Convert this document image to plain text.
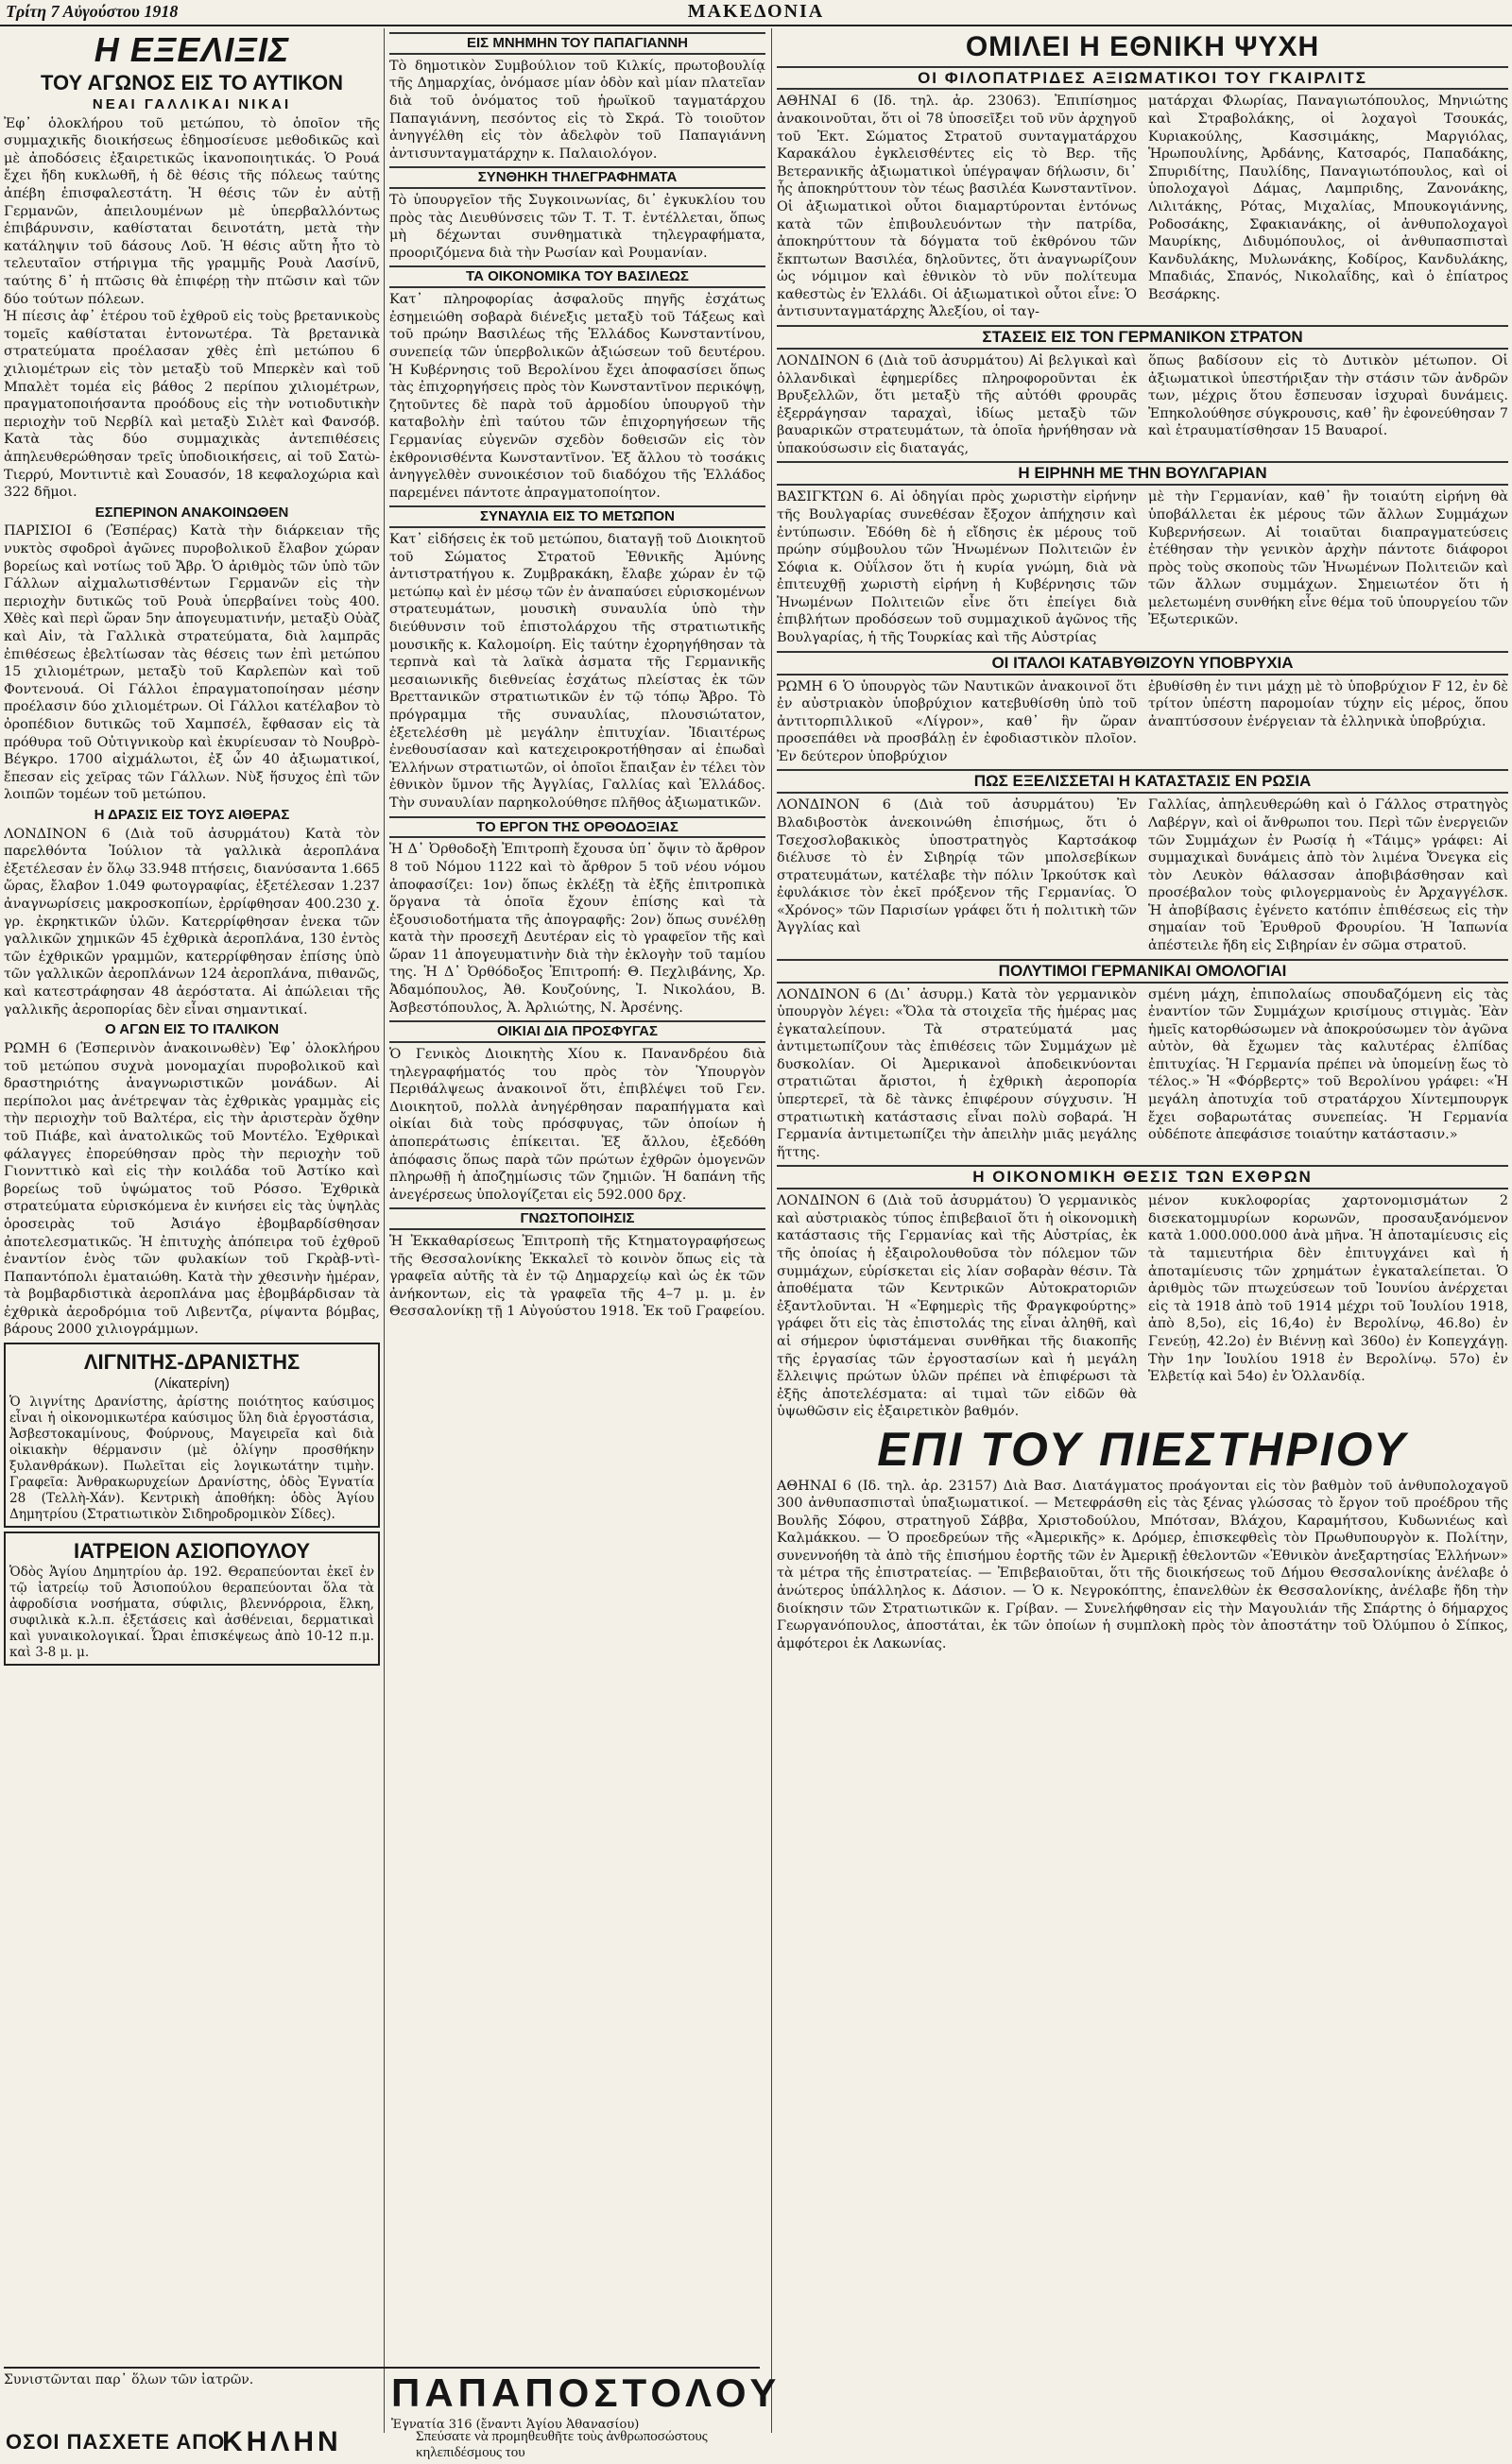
Τρίτη 7 Αὐγούστου 1918	ΜΑΚΕΔΟΝΙΑ
Η ΕΞΕΛΙΞΙΣ
ΤΟΥ ΑΓΩΝΟΣ ΕΙΣ ΤΟ ΑΥΤΙΚΟΝ
ΝΕΑΙ ΓΑΛΛΙΚΑΙ ΝΙΚΑΙ

Ἐφ᾽ ὁλοκλήρου τοῦ μετώπου, τὸ ὁποῖον τῆς συμμαχικῆς διοικήσεως ἐδημοσίευσε μεθοδικῶς καὶ μὲ ἀποδόσεις ἐξαιρετικῶς ἱκανοποιητικάς. Ὁ Ρουά ἔχει ἤδη κυκλωθῆ, ἡ δὲ θέσις τῆς πόλεως ταύτης ἀπέβη ἐπισφαλεστάτη. Ἡ θέσις τῶν ἐν αὐτῇ Γερμανῶν, ἀπειλουμένων μὲ ὑπερβαλλόντως ἐπιβάρυνσιν, καθίσταται δεινοτάτη, μετὰ τὴν κατάληψιν τοῦ δάσους Λοῦ. Ἡ θέσις αὕτη ἦτο τὸ τελευταῖον στήριγμα τῆς γραμμῆς Ρουὰ Λασίνῦ, ταύτης δ᾽ ἡ πτῶσις θὰ ἐπιφέρῃ τὴν πτῶσιν καὶ τῶν δύο τούτων πόλεων.

Ἡ πίεσις ἀφ᾽ ἑτέρου τοῦ ἐχθροῦ εἰς τοὺς βρετανικοὺς τομεῖς καθίσταται ἐντονωτέρα. Τὰ βρετανικὰ στρατεύματα προέλασαν χθὲς ἐπὶ μετώπου 6 χιλιομέτρων εἰς τὸν μεταξὺ τοῦ Μπερκὲν καὶ τοῦ Μπαλὲτ τομέα εἰς βάθος 2 περίπου χιλιομέτρων, πραγματοποιήσαντα προόδους εἰς τὴν νοτιοδυτικὴν περιοχὴν τοῦ Νερβίλ καὶ μεταξὺ Σιλὲτ καὶ Φανσόβ. Κατὰ τὰς δύο συμμαχικὰς ἀντεπιθέσεις ἀπηλευθερώθησαν τρεῖς ὑποδιοικήσεις, αἱ τοῦ Σατὼ-Τιερρύ, Μοντιντιὲ καὶ Σουασόν, 18 κεφαλοχώρια καὶ 322 δῆμοι.

ΕΣΠΕΡΙΝΟΝ ΑΝΑΚΟΙΝΩΘΕΝ

ΠΑΡΙΣΙΟΙ 6 (Ἑσπέρας) Κατὰ τὴν διάρκειαν τῆς νυκτὸς σφοδροὶ ἀγῶνες πυροβολικοῦ ἔλαβον χώραν βορείως καὶ νοτίως τοῦ Ἄβρ. Ὁ ἀριθμὸς τῶν ὑπὸ τῶν Γάλλων αἰχμαλωτισθέντων Γερμανῶν εἰς τὴν περιοχὴν δυτικῶς τοῦ Ρουὰ ὑπερβαίνει τοὺς 400. Χθὲς καὶ περὶ ὥραν 5ην ἀπογευματινήν, μεταξὺ Οὐὰζ καὶ Αἰν, τὰ Γαλλικὰ στρατεύματα, διὰ λαμπρᾶς ἐπιθέσεως ἐβελτίωσαν τὰς θέσεις των ἐπὶ μετώπου 15 χιλιομέτρων, μεταξὺ τοῦ Καρλεπὼν καὶ τοῦ Φοντενουά. Οἱ Γάλλοι ἐπραγματοποίησαν μέσην προέλασιν δύο χιλιομέτρων. Οἱ Γάλλοι κατέλαβον τὸ ὀροπέδιον δυτικῶς τοῦ Χαμπσέλ, ἔφθασαν εἰς τὰ πρόθυρα τοῦ Οὐτιγνικοὺρ καὶ ἐκυρίευσαν τὸ Νουβρὸ-Βέγκρο. 1700 αἰχμάλωτοι, ἐξ ὧν 40 ἀξιωματικοί, ἔπεσαν εἰς χεῖρας τῶν Γάλλων. Νὺξ ἥσυχος ἐπὶ τῶν λοιπῶν τομέων τοῦ μετώπου.

Η ΔΡΑΣΙΣ ΕΙΣ ΤΟΥΣ ΑΙΘΕΡΑΣ

ΛΟΝΔΙΝΟΝ 6 (Διὰ τοῦ ἀσυρμάτου) Κατὰ τὸν παρελθόντα Ἰούλιον τὰ γαλλικὰ ἀεροπλάνα ἐξετέλεσαν ἐν ὅλῳ 33.948 πτήσεις, διανύσαντα 1.665 ὥρας, ἔλαβον 1.049 φωτογραφίας, ἐξετέλεσαν 1.237 ἀναγνωρίσεις μακροσκοπίων, ἐρρίφθησαν 400.230 χ. γρ. ἐκρηκτικῶν ὑλῶν. Κατερρίφθησαν ἐνεκα τῶν γαλλικῶν χημικῶν 45 ἐχθρικὰ ἀεροπλάνα, 130 ἐντὸς τῶν ἐχθρικῶν γραμμῶν, κατερρίφθησαν ἐπίσης ὑπὸ τῶν γαλλικῶν ἀεροπλάνων 124 ἀεροπλάνα, πιθανῶς, καὶ κατεστράφησαν 48 ἀερόστατα. Αἱ ἀπώλειαι τῆς γαλλικῆς ἀεροπορίας δὲν εἶναι σημαντικαί.

Ο ΑΓΩΝ ΕΙΣ ΤΟ ΙΤΑΛΙΚΟΝ

ΡΩΜΗ 6 (Ἑσπερινὸν ἀνακοινωθὲν) Ἐφ᾽ ὁλοκλήρου τοῦ μετώπου συχνὰ μονομαχίαι πυροβολικοῦ καὶ δραστηριότης ἀναγνωριστικῶν μονάδων. Αἱ περίπολοι μας ἀνέτρεψαν τὰς ἐχθρικὰς γραμμὰς εἰς τὴν περιοχὴν τοῦ Βαλτέρα, εἰς τὴν ἀριστερὰν ὄχθην τοῦ Πιάβε, καὶ ἀνατολικῶς τοῦ Μοντέλο. Ἐχθρικαὶ φάλαγγες ἐπορεύθησαν πρὸς τὴν περιοχὴν τοῦ Γιοννττικὸ καὶ εἰς τὴν κοιλάδα τοῦ Ἀστίκο καὶ βορείως τοῦ ὑψώματος τοῦ Ρόσσο. Ἐχθρικὰ στρατεύματα εὑρισκόμενα ἐν κινήσει εἰς τὰς ὑψηλὰς ὁροσειρὰς τοῦ Ἀσιάγο ἐβομβαρδίσθησαν ἀποτελεσματικῶς. Ἡ ἐπιτυχὴς ἀπόπειρα τοῦ ἐχθροῦ ἐναντίον ἑνὸς τῶν φυλακίων τοῦ Γκρὰβ-ντὶ-Παπαντόπολι ἐματαιώθη. Κατὰ τὴν χθεσινὴν ἡμέραν, τὰ βομβαρδιστικὰ ἀεροπλάνα μας ἐβομβάρδισαν τὰ ἐχθρικὰ ἀεροδρόμια τοῦ Λιβεντζα, ρίψαντα βόμβας, βάρους 2000 χιλιογράμμων.

ΛΙΓΝΙΤΗΣ-ΔΡΑΝΙΣΤΗΣ
(Λίκατερίνη)

Ὁ λιγνίτης Δρανίστης, ἀρίστης ποιότητος καύσιμος εἶναι ἡ οἰκονομικωτέρα καύσιμος ὕλη διὰ ἐργοστάσια, Ἀσβεστοκαμίνους, Φούρνους, Μαγειρεῖα καὶ διὰ οἰκιακὴν θέρμανσιν (μὲ ὀλίγην προσθήκην ξυλανθράκων). Πωλεῖται εἰς λογικωτάτην τιμὴν. Γραφεῖα: Ἀνθρακωρυχείων Δρανίστης, ὁδὸς Ἐγνατία 28 (Τελλὴ-Χάν). Κεντρικὴ ἀποθήκη: ὁδὸς Ἁγίου Δημητρίου (Στρατιωτικὸν Σιδηροδρομικὸν Σίδες).

ΙΑΤΡΕΙΟΝ ΑΣΙΟΠΟΥΛΟΥ

Ὁδὸς Ἁγίου Δημητρίου ἀρ. 192. Θεραπεύονται ἐκεῖ ἐν τῷ ἰατρείῳ τοῦ Ἀσιοπούλου θεραπεύονται ὅλα τὰ ἀφροδίσια νοσήματα, σύφιλις, βλεννόρροια, ἕλκη, συφιλικὰ κ.λ.π. ἐξετάσεις καὶ ἀσθένειαι, δερματικαὶ καὶ γυναικολογικαί. Ὧραι ἐπισκέψεως ἀπὸ 10-12 π.μ. καὶ 3-8 μ. μ.

ΕΙΣ ΜΝΗΜΗΝ ΤΟΥ ΠΑΠΑΓΙΑΝΝΗ

Τὸ δημοτικὸν Συμβούλιον τοῦ Κιλκίς, πρωτοβουλίᾳ τῆς Δημαρχίας, ὀνόμασε μίαν ὁδὸν καὶ μίαν πλατεῖαν διὰ τοῦ ὀνόματος τοῦ ἡρωϊκοῦ ταγματάρχου Παπαγιάννη, πεσόντος εἰς τὸ Σκρά. Τὸ τοιοῦτον ἀνηγγέλθη εἰς τὸν ἀδελφὸν τοῦ Παπαγιάννη ἀντισυνταγματάρχην κ. Παλαιολόγον.

ΣΥΝΘΗΚΗ ΤΗΛΕΓΡΑΦΗΜΑΤΑ

Τὸ ὑπουργεῖον τῆς Συγκοινωνίας, δι᾽ ἐγκυκλίου του πρὸς τὰς Διευθύνσεις τῶν Τ. Τ. Τ. ἐντέλλεται, ὅπως μὴ δέχωνται συνθηματικὰ τηλεγραφήματα, προοριζόμενα διὰ τὴν Ρωσίαν καὶ Ρουμανίαν.

ΤΑ ΟΙΚΟΝΟΜΙΚΑ ΤΟΥ ΒΑΣΙΛΕΩΣ

Κατ᾽ πληροφορίας ἀσφαλοῦς πηγῆς ἐσχάτως ἐσημειώθη σοβαρὰ διένεξις μεταξὺ τοῦ Τάξεως καὶ τοῦ πρώην Βασιλέως τῆς Ἑλλάδος Κωνσταντίνου, συνεπείᾳ τῶν ὑπερβολικῶν ἀξιώσεων τοῦ δευτέρου. Ἡ Κυβέρνησις τοῦ Βερολίνου ἔχει ἀποφασίσει ὅπως τὰς ἐπιχορηγήσεις πρὸς τὸν Κωνσταντῖνον περικόψῃ, ζητοῦντες δὲ παρὰ τοῦ ἀρμοδίου ὑπουργοῦ τὴν καταβολὴν ἐπὶ ταύτου τῶν ἐπιχορηγήσεων τῆς Γερμανίας εὐγενῶν σχεδὸν δοθεισῶν εἰς τὸν ἐκθρονισθέντα Κωνσταντῖνον. Ἐξ ἄλλου τὸ τοσάκις ἀνηγγελθὲν συνοικέσιον τοῦ διαδόχου τῆς Ἑλλάδος παρεμένει πάντοτε ἀπραγματοποίητον.

ΣΥΝΑΥΛΙΑ ΕΙΣ ΤΟ ΜΕΤΩΠΟΝ

Κατ᾽ εἰδήσεις ἐκ τοῦ μετώπου, διαταγῇ τοῦ Διοικητοῦ τοῦ Σώματος Στρατοῦ Ἐθνικῆς Ἀμύνης ἀντιστρατήγου κ. Ζυμβρακάκη, ἔλαβε χώραν ἐν τῷ μετώπῳ καὶ ἐν μέσῳ τῶν ἐν ἀναπαύσει εὑρισκομένων στρατευμάτων, μουσικὴ συναυλία ὑπὸ τὴν διεύθυνσιν τοῦ ἐπιστολάρχου τῆς στρατιωτικῆς μουσικῆς κ. Καλομοίρη. Εἰς ταύτην ἐχορηγήθησαν τὰ τερπνὰ καὶ τὰ λαϊκὰ ἀσματα τῆς Γερμανικῆς μεσαιωνικῆς διεθνείας ἐσχάτως πλείστας ἐκ τῶν Βρεττανικῶν στρατιωτικῶν ἐν τῷ τόπῳ Ἄβρο. Τὸ πρόγραμμα τῆς συναυλίας, πλουσιώτατον, ἐξετελέσθη μὲ μεγάλην ἐπιτυχίαν. Ἰδιαιτέρως ἐνεθουσίασαν καὶ κατεχειροκροτήθησαν αἱ ἐπωδαὶ Ἑλλήνων στρατιωτῶν, οἱ ὁποῖοι ἔπαιξαν ἐν τέλει τὸν ἐθνικὸν ὕμνον τῆς Ἀγγλίας, Γαλλίας καὶ Ἑλλάδος. Τὴν συναυλίαν παρηκολούθησε πλῆθος ἀξιωματικῶν.

ΤΟ ΕΡΓΟΝ ΤΗΣ ΟΡΘΟΔΟΞΙΑΣ

Ἡ Δ᾽ Ὀρθοδοξὴ Ἐπιτροπὴ ἔχουσα ὑπ᾽ ὄψιν τὸ ἄρθρον 8 τοῦ Νόμου 1122 καὶ τὸ ἄρθρον 5 τοῦ νέου νόμου ἀποφασίζει: 1ον) ὅπως ἐκλέξῃ τὰ ἐξῆς ἐπιτροπικὰ ὅργανα τὰ ὁποῖα ἔχουν ἐπίσης καὶ τὰ ἐξουσιοδοτήματα τῆς ἀπογραφῆς: 2ον) ὅπως συνέλθῃ κατὰ τὴν προσεχῆ Δευτέραν εἰς τὸ γραφεῖον τῆς καὶ ὥραν 11 ἀπογευματινὴν διὰ τὴν ἐκλογὴν τοῦ ταμίου της. Ἡ Δ᾽ Ὀρθόδοξος Ἐπιτροπή: Θ. Πεχλιβάνης, Χρ. Ἀδαμόπουλος, Ἀθ. Κουζούνης, Ἰ. Νικολάου, Β. Ἀσβεστόπουλος, Ἀ. Ἀρλιώτης, Ν. Ἀρσένης.

ΟΙΚΙΑΙ ΔΙΑ ΠΡΟΣΦΥΓΑΣ

Ὁ Γενικὸς Διοικητὴς Χίου κ. Πανανδρέου διὰ τηλεγραφήματός του πρὸς τὸν Ὑπουργὸν Περιθάλψεως ἀνακοινοῖ ὅτι, ἐπιβλέψει τοῦ Γεν. Διοικητοῦ, πολλὰ ἀνηγέρθησαν παραπήγματα καὶ οἰκίαι διὰ τοὺς πρόσφυγας, τῶν ὁποίων ἡ ἀποπεράτωσις ἐπίκειται. Ἐξ ἄλλου, ἐξεδόθη ἀπόφασις ὅπως παρὰ τῶν πρώτων ἐχθρῶν ὁμογενῶν πληρωθῇ ἡ ἀποζημίωσις τῶν ζημιῶν. Ἡ δαπάνη τῆς ἀνεγέρσεως ὑπολογίζεται εἰς 592.000 δρχ.

ΓΝΩΣΤΟΠΟΙΗΣΙΣ

Ἡ Ἐκκαθαρίσεως Ἐπιτροπὴ τῆς Κτηματογραφήσεως τῆς Θεσσαλονίκης Ἐκκαλεῖ τὸ κοινὸν ὅπως εἰς τὰ γραφεῖα αὐτῆς τὰ ἐν τῷ Δημαρχείῳ καὶ ὡς ἐκ τῶν ἀνήκοντων, εἰς τὰ γραφεῖα τῆς 4–7 μ. μ. ἐν Θεσσαλονίκῃ τῇ 1 Αὐγούστου 1918. Ἐκ τοῦ Γραφείου.

ΟΜΙΛΕΙ Η ΕΘΝΙΚΗ ΨΥΧΗ
ΟΙ ΦΙΛΟΠΑΤΡΙΔΕΣ ΑΞΙΩΜΑΤΙΚΟΙ ΤΟΥ ΓΚΑΙΡΛΙΤΣ

ΑΘΗΝΑΙ 6 (Ιδ. τηλ. ἀρ. 23063). Ἐπιπίσημος ἀνακοινοῦται, ὅτι οἱ 78 ὑποσεῖξει τοῦ νῦν ἀρχηγοῦ τοῦ Ἐκτ. Σώματος Στρατοῦ συνταγματάρχου Καρακάλου ἐγκλεισθέντες εἰς τὸ Βερ. τῆς Βετερανικῆς ἀξιωματικοὶ ὑπέγραψαν δήλωσιν, δι᾽ ἧς ἀποκηρύττουν τὸν τέως βασιλέα Κωνσταντῖνον. Οἱ ἀξιωματικοὶ οὗτοι διαμαρτύρονται ἐντόνως κατὰ τῶν ἐπιβουλευόντων τὴν πατρίδα, ἀποκηρύττουν τὰ δόγματα τοῦ ἐκθρόνου τῶν ἔκπτωτων Βασιλέα, δηλοῦντες, ὅτι ἀναγνωρίζουν ὡς νόμιμον καὶ ἐθνικὸν τὸ νῦν πολίτευμα καθεστὼς ἐν Ἑλλάδι. Οἱ ἀξιωματικοὶ οὗτοι εἶνε: Ὁ ἀντισυνταγματάρχης Ἀλεξίου, οἱ ταγ-

ματάρχαι Φλωρίας, Παναγιωτόπουλος, Μηνιώτης καὶ Στραβολάκης, οἱ λοχαγοὶ Τσουκάς, Κυριακούλης, Κασσιμάκης, Μαργιόλας, Ἡρωπουλίνης, Ἀρδάνης, Κατσαρός, Παπαδάκης, Σπυριδίτης, Παυλίδης, Παναγιωτόπουλος, καὶ οἱ ὑπολοχαγοὶ Δάμας, Λαμπριδης, Ζανονάκης, Λιλιτάκης, Ρότας, Μιχαλίας, Μπουκογιάννης, Ροδοσάκης, Σφακιανάκης, οἱ ἀνθυπολοχαγοὶ Μαυρίκης, Διδυμόπουλος, οἱ ἀνθυπασπισταὶ Κανδυλάκης, Μυλωνάκης, Κοδίρος, Κανδυλάκης, Μπαδιάς, Σπανός, Νικολαΐδης, καὶ ὁ ἐπίατρος Βεσάρκης.

ΣΤΑΣΕΙΣ ΕΙΣ ΤΟΝ ΓΕΡΜΑΝΙΚΟΝ ΣΤΡΑΤΟΝ

ΛΟΝΔΙΝΟΝ 6 (Διὰ τοῦ ἀσυρμάτου) Αἱ βελγικαὶ καὶ ὁλλανδικαὶ ἐφημερίδες πληροφοροῦνται ἐκ Βρυξελλῶν, ὅτι μεταξὺ τῆς αὐτόθι φρουρᾶς ἐξερράγησαν ταραχαὶ, ἰδίως μεταξὺ τῶν βαυαρικῶν στρατευμάτων, τὰ ὁποῖα ἠρνήθησαν νὰ ὑπακούσωσιν εἰς διαταγάς,

ὅπως βαδίσουν εἰς τὸ Δυτικὸν μέτωπον. Οἱ ἀξιωματικοὶ ὑπεστήριξαν τὴν στάσιν τῶν ἀνδρῶν των, μέχρις ὅτου ἔσπευσαν ἰσχυραὶ δυνάμεις. Ἐπηκολούθησε σύγκρουσις, καθ᾽ ἣν ἐφονεύθησαν 7 καὶ ἐτραυματίσθησαν 15 Βαυαροί.

Η ΕΙΡΗΝΗ ΜΕ ΤΗΝ ΒΟΥΛΓΑΡΙΑΝ

ΒΑΣΙΓΚΤΩΝ 6. Αἱ ὁδηγίαι πρὸς χωριστὴν εἰρήνην τῆς Βουλγαρίας συνεθέσαν ἔξοχον ἀπήχησιν καὶ ἐντύπωσιν. Ἐδόθη δὲ ἡ εἴδησις ἐκ μέρους τοῦ πρώην σύμβουλου τῶν Ἡνωμένων Πολιτειῶν ἐν Σόφια κ. Οὐΐλσον ὅτι ἡ κυρία γνώμη, διὰ νὰ ἐπιτευχθῇ χωριστὴ εἰρήνη ἡ Κυβέρνησις τῶν Ἡνωμένων Πολιτειῶν εἶνε ὅτι ἐπείγει διὰ ἐπιβλήτων προδόσεων τοῦ συμμαχικοῦ ἀγῶνος τῆς Βουλγαρίας, ἡ τῆς Τουρκίας καὶ τῆς Αὐστρίας

μὲ τὴν Γερμανίαν, καθ᾽ ἣν τοιαύτη εἰρήνη θὰ ὑποβάλλεται ἐκ μέρους τῶν ἄλλων Συμμάχων Κυβερνήσεων. Αἱ τοιαῦται διαπραγματεύσεις ἐτέθησαν τὴν γενικὸν ἀρχὴν πάντοτε διάφοροι πρὸς τοὺς σκοποὺς τῶν Ἡνωμένων Πολιτειῶν καὶ τῶν ἄλλων συμμάχων. Σημειωτέον ὅτι ἡ μελετωμένη συνθήκη εἶνε θέμα τοῦ ὑπουργείου τῶν Ἐξωτερικῶν.

ΟΙ ΙΤΑΛΟΙ ΚΑΤΑΒΥΘΙΖΟΥΝ ΥΠΟΒΡΥΧΙΑ

ΡΩΜΗ 6 Ὁ ὑπουργὸς τῶν Ναυτικῶν ἀνακοινοῖ ὅτι ἐν αὐστριακὸν ὑποβρύχιον κατεβυθίσθη ὑπὸ τοῦ ἀντιτορπιλλικοῦ «Λίγρον», καθ᾽ ἣν ὥραν προσεπάθει νὰ προσβάλῃ ἐν ἐφοδιαστικὸν πλοῖον. Ἐν δεύτερον ὑποβρύχιον

ἐβυθίσθη ἐν τινι μάχῃ μὲ τὸ ὑποβρύχιον F 12, ἐν δὲ τρίτον ὑπέστη παρομοίαν τύχην εἰς μέρος, ὅπου ἀναπτύσσουν ἐνέργειαν τὰ ἑλληνικὰ ὑποβρύχια.

ΠΩΣ ΕΞΕΛΙΣΣΕΤΑΙ Η ΚΑΤΑΣΤΑΣΙΣ ΕΝ ΡΩΣΙΑ

ΛΟΝΔΙΝΟΝ 6 (Διὰ τοῦ ἀσυρμάτου) Ἐν Βλαδιβοστὸκ ἀνεκοινώθη ἐπισήμως, ὅτι ὁ Τσεχοσλοβακικὸς ὑποστρατηγὸς Καρτσάκοφ διέλυσε τὸ ἐν Σιβηρίᾳ τῶν μπολσεβίκων στρατευμάτων, κατέλαβε τὴν πόλιν Ἰρκούτσκ καὶ ἐφυλάκισε τὸν ἐκεῖ πρόξενον τῆς Γερμανίας. Ὁ «Χρόνος» τῶν Παρισίων γράφει ὅτι ἡ πολιτικὴ τῶν Ἀγγλίας καὶ

Γαλλίας, ἀπηλευθερώθη καὶ ὁ Γάλλος στρατηγὸς Λαβέργν, καὶ οἱ ἄνθρωποι του. Περὶ τῶν ἐνεργειῶν τῶν Συμμάχων ἐν Ρωσίᾳ ἡ «Τάιμς» γράφει: Αἱ συμμαχικαὶ δυνάμεις ἀπὸ τὸν λιμένα Ὄνεγκα εἰς τὸν Λευκὸν θάλασσαν ἀποβιβάσθησαν καὶ προσέβαλον τοὺς φιλογερμανοὺς ἐν Ἀρχαγγέλσκ. Ἡ ἀποβίβασις ἐγένετο κατόπιν ἐπιθέσεως εἰς τὴν σημαίαν τοῦ Ἐρυθροῦ Φρουρίου. Ἡ Ἰαπωνία ἀπέστειλε ἤδη εἰς Σιβηρίαν ἐν σῶμα στρατοῦ.

ΠΟΛΥΤΙΜΟΙ ΓΕΡΜΑΝΙΚΑΙ ΟΜΟΛΟΓΙΑΙ

ΛΟΝΔΙΝΟΝ 6 (Δι᾽ ἀσυρμ.) Κατὰ τὸν γερμανικὸν ὑπουργὸν λέγει: «Ὅλα τὰ στοιχεῖα τῆς ἡμέρας μας ἐγκαταλείπουν. Τὰ στρατεύματά μας ἀντιμετωπίζουν τὰς ἐπιθέσεις τῶν Συμμάχων μὲ δυσκολίαν. Οἱ Ἀμερικανοὶ ἀποδεικνύονται στρατιῶται ἄριστοι, ἡ ἐχθρικὴ ἀεροπορία ὑπερτερεῖ, τὰ δὲ τὰνκς ἐπιφέρουν σύγχυσιν. Ἡ στρατιωτικὴ κατάστασις εἶναι πολὺ σοβαρά. Ἡ Γερμανία ἀντιμετωπίζει τὴν ἀπειλὴν μιᾶς μεγάλης ἥττης.

σμένη μάχη, ἐπιπολαίως σπουδαζόμενη εἰς τὰς ἐναντίον τῶν Συμμάχων κρισίμους στιγμὰς. Ἐὰν ἡμεῖς κατορθώσωμεν νὰ ἀποκρούσωμεν τὸν ἀγῶνα αὐτὸν, θὰ ἔχωμεν τὰς καλυτέρας ἐλπίδας ἐπιτυχίας. Ἡ Γερμανία πρέπει νὰ ὑπομείνῃ ἕως τὸ τέλος.» Ἡ «Φόρβερτς» τοῦ Βερολίνου γράφει: «Ἡ μεγάλη ἀποτυχία τοῦ στρατάρχου Χίντεμπουργκ ἔχει σοβαρωτάτας συνεπείας. Ἡ Γερμανία οὐδέποτε ἀπεφάσισε τοιαύτην κατάστασιν.»

Η ΟΙΚΟΝΟΜΙΚΗ ΘΕΣΙΣ ΤΩΝ ΕΧΘΡΩΝ

ΛΟΝΔΙΝΟΝ 6 (Διὰ τοῦ ἀσυρμάτου) Ὁ γερμανικὸς καὶ αὐστριακὸς τύπος ἐπιβεβαιοῖ ὅτι ἡ οἰκονομικὴ κατάστασις τῆς Γερμανίας καὶ τῆς Αὐστρίας, ἐκ τῆς ὁποίας ἡ ἐξαιρολουθοῦσα τὸν πόλεμον τῶν συμμάχων, εὑρίσκεται εἰς λίαν σοβαρὰν θέσιν. Τὰ ἀποθέματα τῶν Κεντρικῶν Αὐτοκρατοριῶν ἐξαντλοῦνται. Ἡ «Ἐφημερὶς τῆς Φραγκφούρτης» γράφει ὅτι εἰς τὰς ἐπιστολάς της εἶναι ἀληθῆ, καὶ αἱ σήμερον ὑφιστάμεναι συνθῆκαι τῆς διακοπῆς τῆς ἐργασίας τῶν ἐργοστασίων καὶ ἡ μεγάλη ἔλλειψις πρώτων ὑλῶν πρέπει νὰ ἐπιφέρωσι τὰ ἐξῆς ἀποτελέσματα: αἱ τιμαὶ τῶν εἰδῶν θὰ ὑψωθῶσιν εἰς ἐξαιρετικὸν βαθμόν.

μένον κυκλοφορίας χαρτονομισμάτων 2 δισεκατομμυρίων κορωνῶν, προσαυξανόμενον κατὰ 1.000.000.000 ἀνὰ μῆνα. Ἡ ἀποταμίευσις εἰς τὰ ταμιευτήρια δὲν ἐπιτυγχάνει καὶ ἡ ἀποταμίευσις τῶν χρημάτων ἐγκαταλείπεται. Ὁ ἀριθμὸς τῶν πτωχεύσεων τοῦ Ἰουνίου ἀνέρχεται εἰς τὰ 1918 ἀπὸ τοῦ 1914 μέχρι τοῦ Ἰουλίου 1918, ἀπὸ 8,5ο), εἰς 16,4ο) ἐν Βερολίνῳ, 46.8ο) ἐν Γενεύῃ, 42.2ο) ἐν Βιέννῃ καὶ 360ο) ἐν Κοπεγχάγῃ. Τὴν 1ην Ἰουλίου 1918 ἐν Βερολίνῳ. 57ο) ἐν Ἑλβετίᾳ καὶ 54ο) ἐν Ὁλλανδίᾳ.

ΕΠΙ ΤΟΥ ΠΙΕΣΤΗΡΙΟΥ

ΑΘΗΝΑΙ 6 (Ιδ. τηλ. ἀρ. 23157) Διὰ Βασ. Διατάγματος προάγονται εἰς τὸν βαθμὸν τοῦ ἀνθυπολοχαγοῦ 300 ἀνθυπασπισταὶ ὑπαξιωματικοί. — Μετεφράσθη εἰς τὰς ξένας γλώσσας τὸ ἔργον τοῦ προέδρου τῆς Βουλῆς Σόφου, στρατηγοῦ Σάββα, Χριστοδούλου, Μπότσαν, Βλάχου, Καραμήτσου, Κυδωνιέως καὶ Καλμάκκου. — Ὁ προεδρεύων τῆς «Ἀμερικῆς» κ. Δρόμερ, ἐπισκεφθεὶς τὸν Πρωθυπουργὸν κ. Πολίτην, συνεννοήθη τὰ ἀπὸ τῆς ἐπισήμου ἑορτῆς τῶν ἐν Ἀμερικῇ ἐθελοντῶν «Ἐθνικὸν ἀνεξαρτησίας Ἑλλήνων» τὰ μέτρα τῆς ἐπιστρατείας. — Ἐπιβεβαιοῦται, ὅτι τῆς διοικήσεως τοῦ Δήμου Θεσσαλονίκης ἀνέλαβε ὁ ἀνώτερος ὑπάλληλος κ. Δάσιον. — Ὁ κ. Νεγροκόπτης, ἐπανελθὼν ἐκ Θεσσαλονίκης, ἀνέλαβε ἤδη τὴν διοίκησιν τῶν Στρατιωτικῶν κ. Γρίβαν. — Συνελήφθησαν εἰς τὴν Μαγουλιάν τῆς Σπάρτης ὁ δήμαρχος Γεωργανόπουλος, ἀποστάται, ἐκ τῶν ὁποίων ἡ συμπλοκὴ πρὸς τὸν ἀποστάτην τοῦ Ὀλύμπου ὁ Σίπκος, ἀμφότεροι ἐκ Λακωνίας.

Συνιστῶνται παρ᾽ ὅλων τῶν ἰατρῶν.	ΠΑΠΑΠΟΣΤΟΛΟΥ
Ἐγνατία 316 (ἔναντι Ἁγίου Ἀθανασίου)
ΟΣΟΙ ΠΑΣΧΕΤΕ ΑΠΟ
ΚΗΛΗΝ	Σπεύσατε νὰ προμηθευθῆτε τοὺς ἀνθρωποσώστους κηλεπιδέσμους του
